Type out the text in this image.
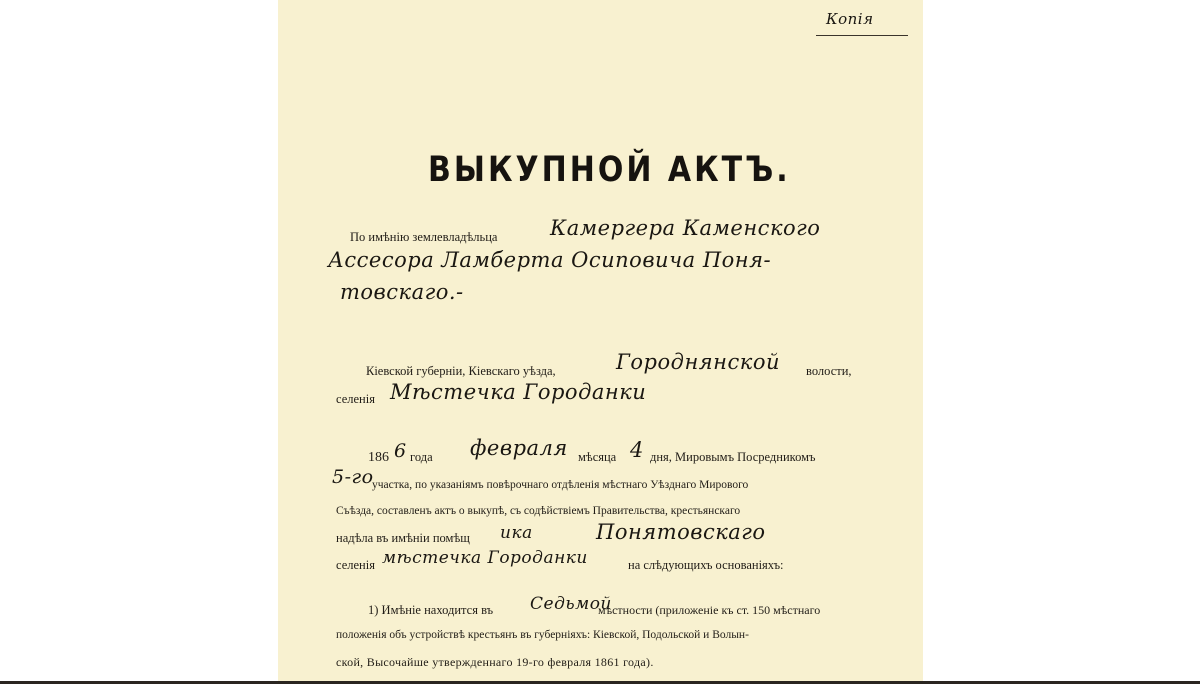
Копія
ВЫКУПНОЙ АКТЪ.
По имѣнію землевладѣльца	Камергера Каменского
Ассесора Ламберта Осиповича Поня-
товскаго.-
Кіевской губерніи, Кіевскаго уѣзда,	Городнянской волости,
селенія Мѣстечка Городанки
186 6 года февраля мѣсяца 4 дня, Мировымъ Посредникомъ
5-го
участка, по указаніямъ повѣрочнаго отдѣленія мѣстнаго Уѣзднаго Мирового
Съѣзда, составленъ актъ о выкупѣ, съ содѣйствіемъ Правительства, крестьянскаго
надѣла въ имѣніи помѣщ ика	Понятовскаго
селенія мѣстечка Городанки	на слѣдующихъ основаніяхъ:
1) Имѣніе находится въ Седьмой
мѣстности (приложеніе къ ст. 150 мѣстнаго
положенія объ устройствѣ крестьянъ въ губерніяхъ: Кіевской, Подольской и Волын-
ской, Высочайше утвержденнаго 19-го февраля 1861 года).
